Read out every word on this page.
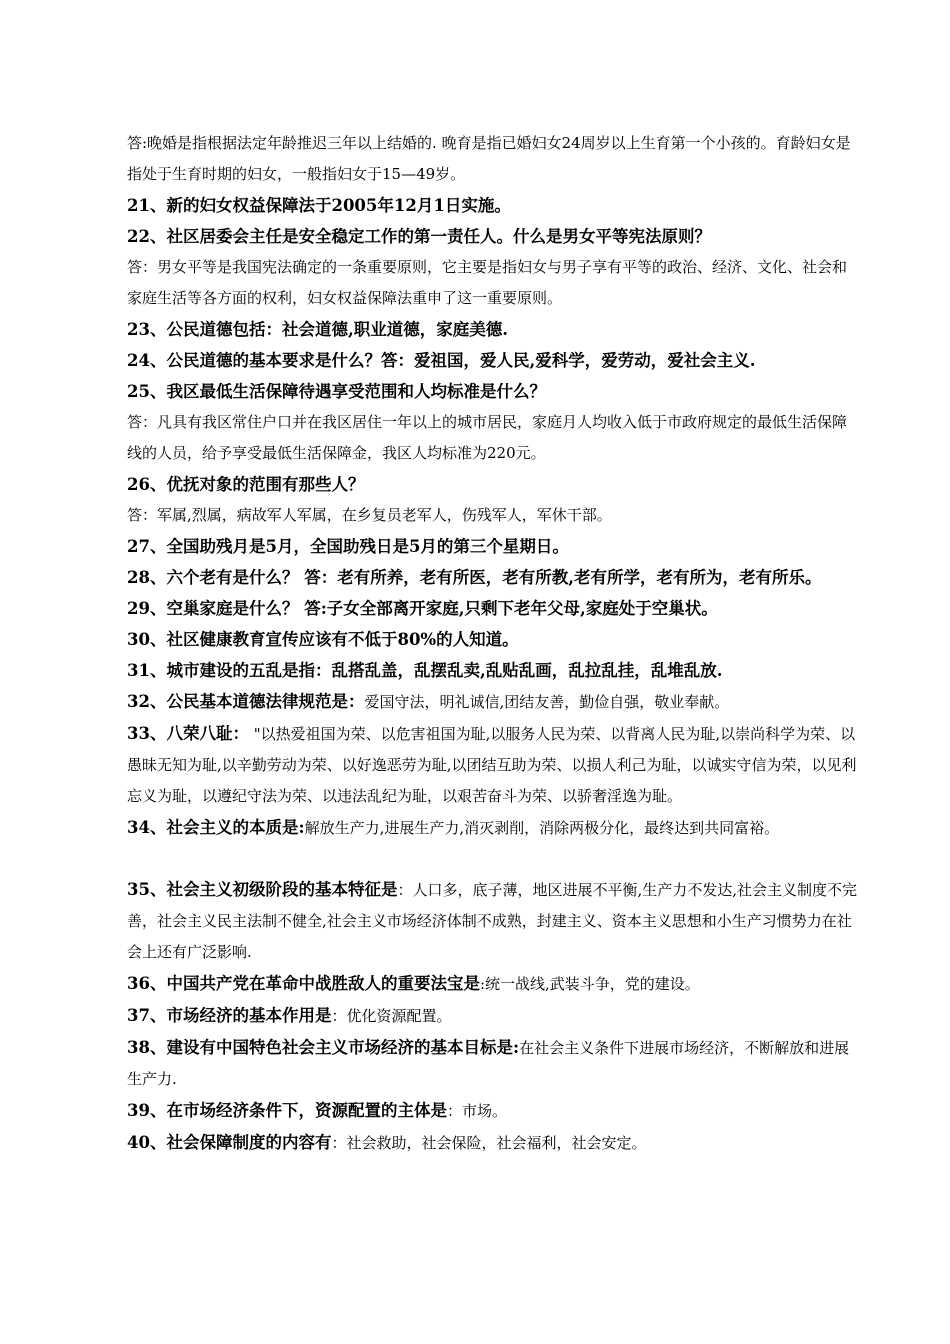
答:晚婚是指根据法定年龄推迟三年以上结婚的. 晚育是指已婚妇女24周岁以上生育第一个小孩的。育龄妇女是指处于生育时期的妇女，一般指妇女于15—49岁。

21、新的妇女权益保障法于2005年12月1日实施。

22、社区居委会主任是安全稳定工作的第一责任人。什么是男女平等宪法原则？

答：男女平等是我国宪法确定的一条重要原则，它主要是指妇女与男子享有平等的政治、经济、文化、社会和家庭生活等各方面的权利，妇女权益保障法重申了这一重要原则。

23、公民道德包括：社会道德,职业道德，家庭美德.

24、公民道德的基本要求是什么？答：爱祖国，爱人民,爱科学，爱劳动，爱社会主义.

25、我区最低生活保障待遇享受范围和人均标准是什么？

答：凡具有我区常住户口并在我区居住一年以上的城市居民，家庭月人均收入低于市政府规定的最低生活保障线的人员，给予享受最低生活保障金，我区人均标准为220元。

26、优抚对象的范围有那些人？

答：军属,烈属，病故军人军属，在乡复员老军人，伤残军人，军休干部。

27、全国助残月是5月，全国助残日是5月的第三个星期日。

28、六个老有是什么？ 答：老有所养，老有所医，老有所教,老有所学，老有所为，老有所乐。

29、空巢家庭是什么？ 答:子女全部离开家庭,只剩下老年父母,家庭处于空巢状。

30、社区健康教育宣传应该有不低于80%的人知道。

31、城市建设的五乱是指：乱搭乱盖，乱摆乱卖,乱贴乱画，乱拉乱挂，乱堆乱放.

32、公民基本道德法律规范是：爱国守法，明礼诚信,团结友善，勤俭自强，敬业奉献。

33、八荣八耻： "以热爱祖国为荣、以危害祖国为耻,以服务人民为荣、以背离人民为耻,以崇尚科学为荣、以愚昧无知为耻,以辛勤劳动为荣、以好逸恶劳为耻,以团结互助为荣、以损人利己为耻，以诚实守信为荣，以见利忘义为耻，以遵纪守法为荣、以违法乱纪为耻，以艰苦奋斗为荣、以骄奢淫逸为耻。

34、社会主义的本质是:解放生产力,进展生产力,消灭剥削，消除两极分化，最终达到共同富裕。

35、社会主义初级阶段的基本特征是：人口多，底子薄，地区进展不平衡,生产力不发达,社会主义制度不完善，社会主义民主法制不健全,社会主义市场经济体制不成熟，封建主义、资本主义思想和小生产习惯势力在社会上还有广泛影响.

36、中国共产党在革命中战胜敌人的重要法宝是:统一战线,武装斗争，党的建设。

37、市场经济的基本作用是：优化资源配置。

38、建设有中国特色社会主义市场经济的基本目标是:在社会主义条件下进展市场经济，不断解放和进展生产力.

39、在市场经济条件下，资源配置的主体是：市场。

40、社会保障制度的内容有：社会救助，社会保险，社会福利，社会安定。
